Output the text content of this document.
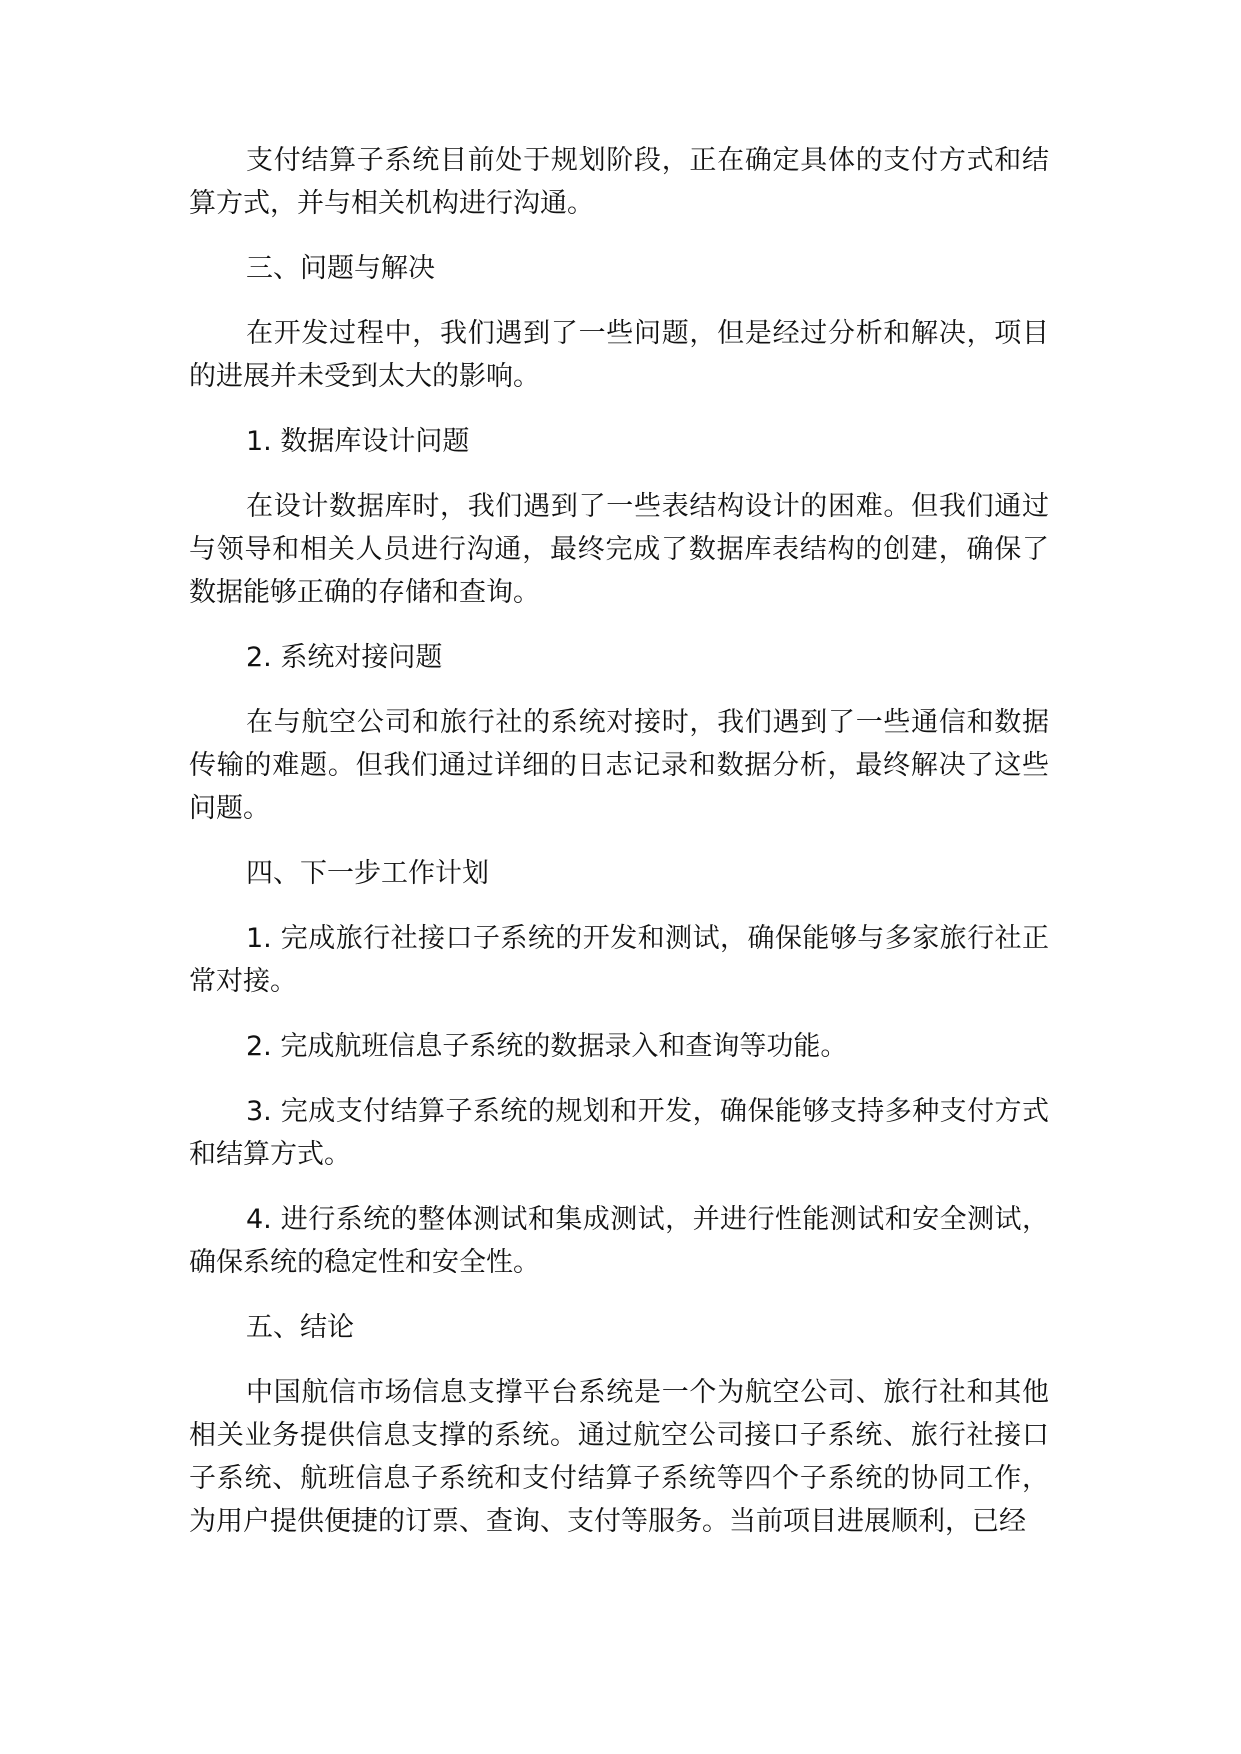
支付结算子系统目前处于规划阶段，正在确定具体的支付方式和结算方式，并与相关机构进行沟通。

三、问题与解决

在开发过程中，我们遇到了一些问题，但是经过分析和解决，项目的进展并未受到太大的影响。

1. 数据库设计问题

在设计数据库时，我们遇到了一些表结构设计的困难。但我们通过与领导和相关人员进行沟通，最终完成了数据库表结构的创建，确保了数据能够正确的存储和查询。

2. 系统对接问题

在与航空公司和旅行社的系统对接时，我们遇到了一些通信和数据传输的难题。但我们通过详细的日志记录和数据分析，最终解决了这些问题。

四、下一步工作计划

1. 完成旅行社接口子系统的开发和测试，确保能够与多家旅行社正常对接。

2. 完成航班信息子系统的数据录入和查询等功能。

3. 完成支付结算子系统的规划和开发，确保能够支持多种支付方式和结算方式。

4. 进行系统的整体测试和集成测试，并进行性能测试和安全测试，确保系统的稳定性和安全性。

五、结论

中国航信市场信息支撑平台系统是一个为航空公司、旅行社和其他相关业务提供信息支撑的系统。通过航空公司接口子系统、旅行社接口子系统、航班信息子系统和支付结算子系统等四个子系统的协同工作，为用户提供便捷的订票、查询、支付等服务。当前项目进展顺利，已经
